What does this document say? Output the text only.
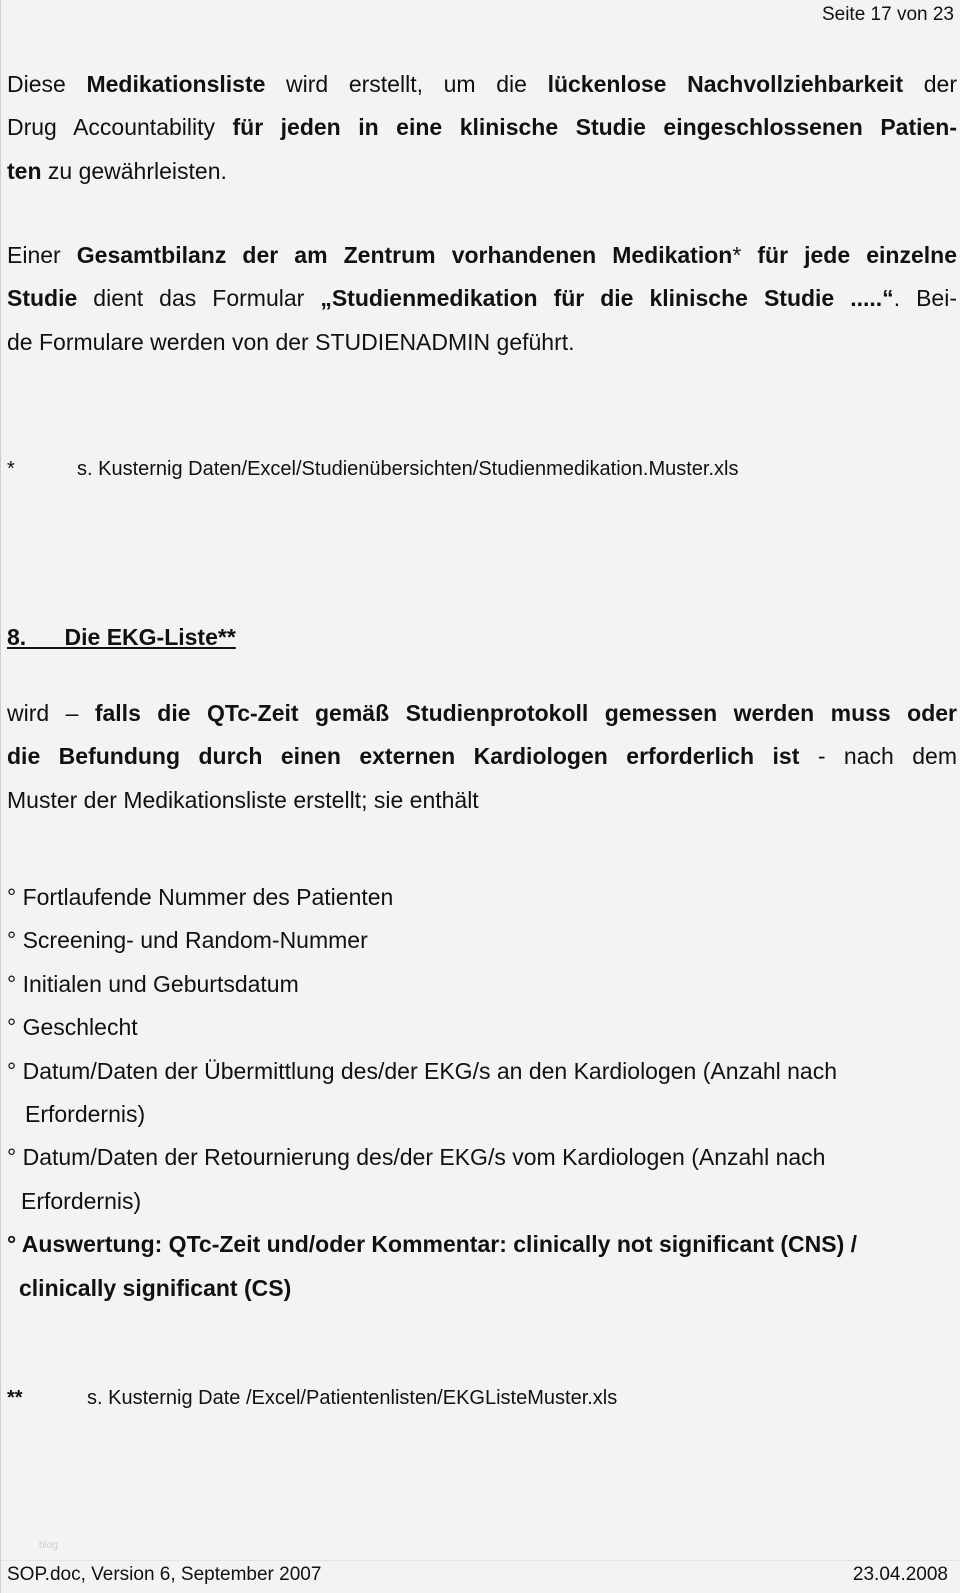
Seite 17 von 23
Diese Medikationsliste wird erstellt, um die lückenlose Nachvollziehbarkeit der
Drug Accountability für jeden in eine klinische Studie eingeschlossenen Patien-
ten zu gewährleisten.
Einer Gesamtbilanz der am Zentrum vorhandenen Medikation* für jede einzelne
Studie dient das Formular „Studienmedikation für die klinische Studie .....“. Bei-
de Formulare werden von der STUDIENADMIN geführt.
*	s. Kusternig Daten/Excel/Studienübersichten/Studienmedikation.Muster.xls
8.      Die EKG-Liste**
wird – falls die QTc-Zeit gemäß Studienprotokoll gemessen werden muss oder
die Befundung durch einen externen Kardiologen erforderlich ist - nach dem
Muster der Medikationsliste erstellt; sie enthält
° Fortlaufende Nummer des Patienten
° Screening- und Random-Nummer
° Initialen und Geburtsdatum
° Geschlecht
° Datum/Daten der Übermittlung des/der EKG/s an den Kardiologen (Anzahl nach
Erfordernis)
° Datum/Daten der Retournierung des/der EKG/s vom Kardiologen (Anzahl nach
Erfordernis)
° Auswertung: QTc-Zeit und/oder Kommentar: clinically not significant (CNS) /
clinically significant (CS)
**	s. Kusternig Date /Excel/Patientenlisten/EKGListeMuster.xls
blog
SOP.doc, Version 6, September 2007	23.04.2008
